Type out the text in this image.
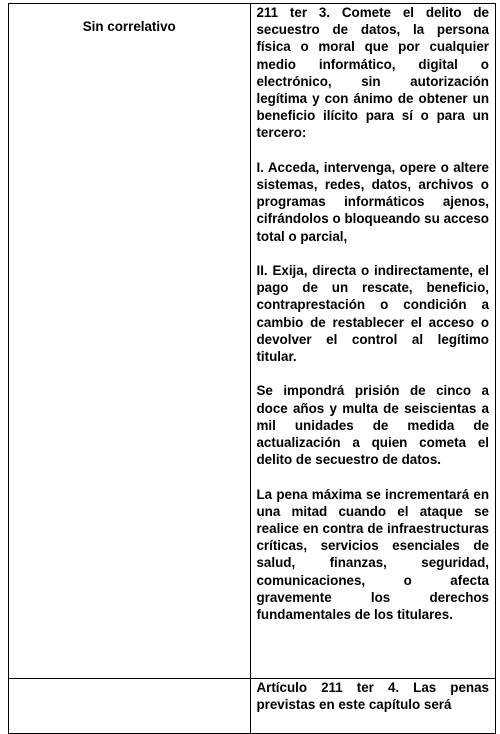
Sin correlativo	211 ter 3. Comete el delito de secuestro de datos, la persona física o moral que por cualquier medio informático, digital o electrónico, sin autorización legítima y con ánimo de obtener un beneficio ilícito para sí o para un tercero:

I. Acceda, intervenga, opere o altere sistemas, redes, datos, archivos o programas informáticos ajenos, cifrándolos o bloqueando su acceso total o parcial,

II. Exija, directa o indirectamente, el pago de un rescate, beneficio, contraprestación o condición a cambio de restablecer el acceso o devolver el control al legítimo titular.

Se impondrá prisión de cinco a doce años y multa de seiscientas a mil unidades de medida de actualización a quien cometa el delito de secuestro de datos.

La pena máxima se incrementará en una mitad cuando el ataque se realice en contra de infraestructuras críticas, servicios esenciales de salud, finanzas, seguridad, comunicaciones, o afecta gravemente los derechos fundamentales de los titulares.

	Artículo 211 ter 4. Las penas previstas en este capítulo será
